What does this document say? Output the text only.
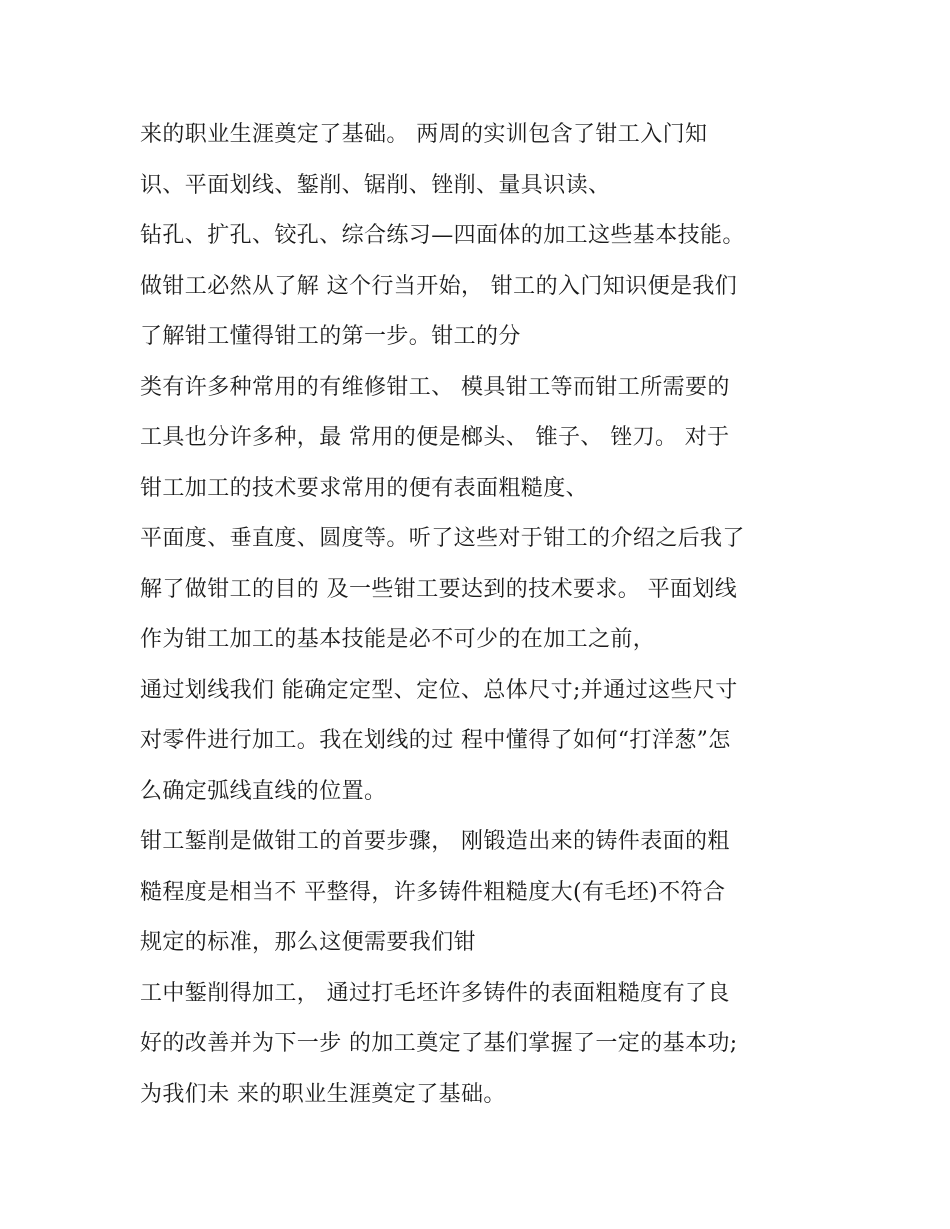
来的职业生涯奠定了基础。 两周的实训包含了钳工入门知
识、平面划线、錾削、锯削、锉削、量具识读、
钻孔、扩孔、铰孔、综合练习—四面体的加工这些基本技能。
做钳工必然从了解 这个行当开始， 钳工的入门知识便是我们
了解钳工懂得钳工的第一步。钳工的分
类有许多种常用的有维修钳工、 模具钳工等而钳工所需要的
工具也分许多种，最 常用的便是榔头、 锥子、 锉刀。 对于
钳工加工的技术要求常用的便有表面粗糙度、
平面度、垂直度、圆度等。听了这些对于钳工的介绍之后我了
解了做钳工的目的 及一些钳工要达到的技术要求。 平面划线
作为钳工加工的基本技能是必不可少的在加工之前，
通过划线我们 能确定定型、定位、总体尺寸;并通过这些尺寸
对零件进行加工。我在划线的过 程中懂得了如何“打洋葱”怎
么确定弧线直线的位置。
钳工錾削是做钳工的首要步骤， 刚锻造出来的铸件表面的粗
糙程度是相当不 平整得，许多铸件粗糙度大(有毛坯)不符合
规定的标准，那么这便需要我们钳
工中錾削得加工， 通过打毛坯许多铸件的表面粗糙度有了良
好的改善并为下一步 的加工奠定了基们掌握了一定的基本功;
为我们未 来的职业生涯奠定了基础。
